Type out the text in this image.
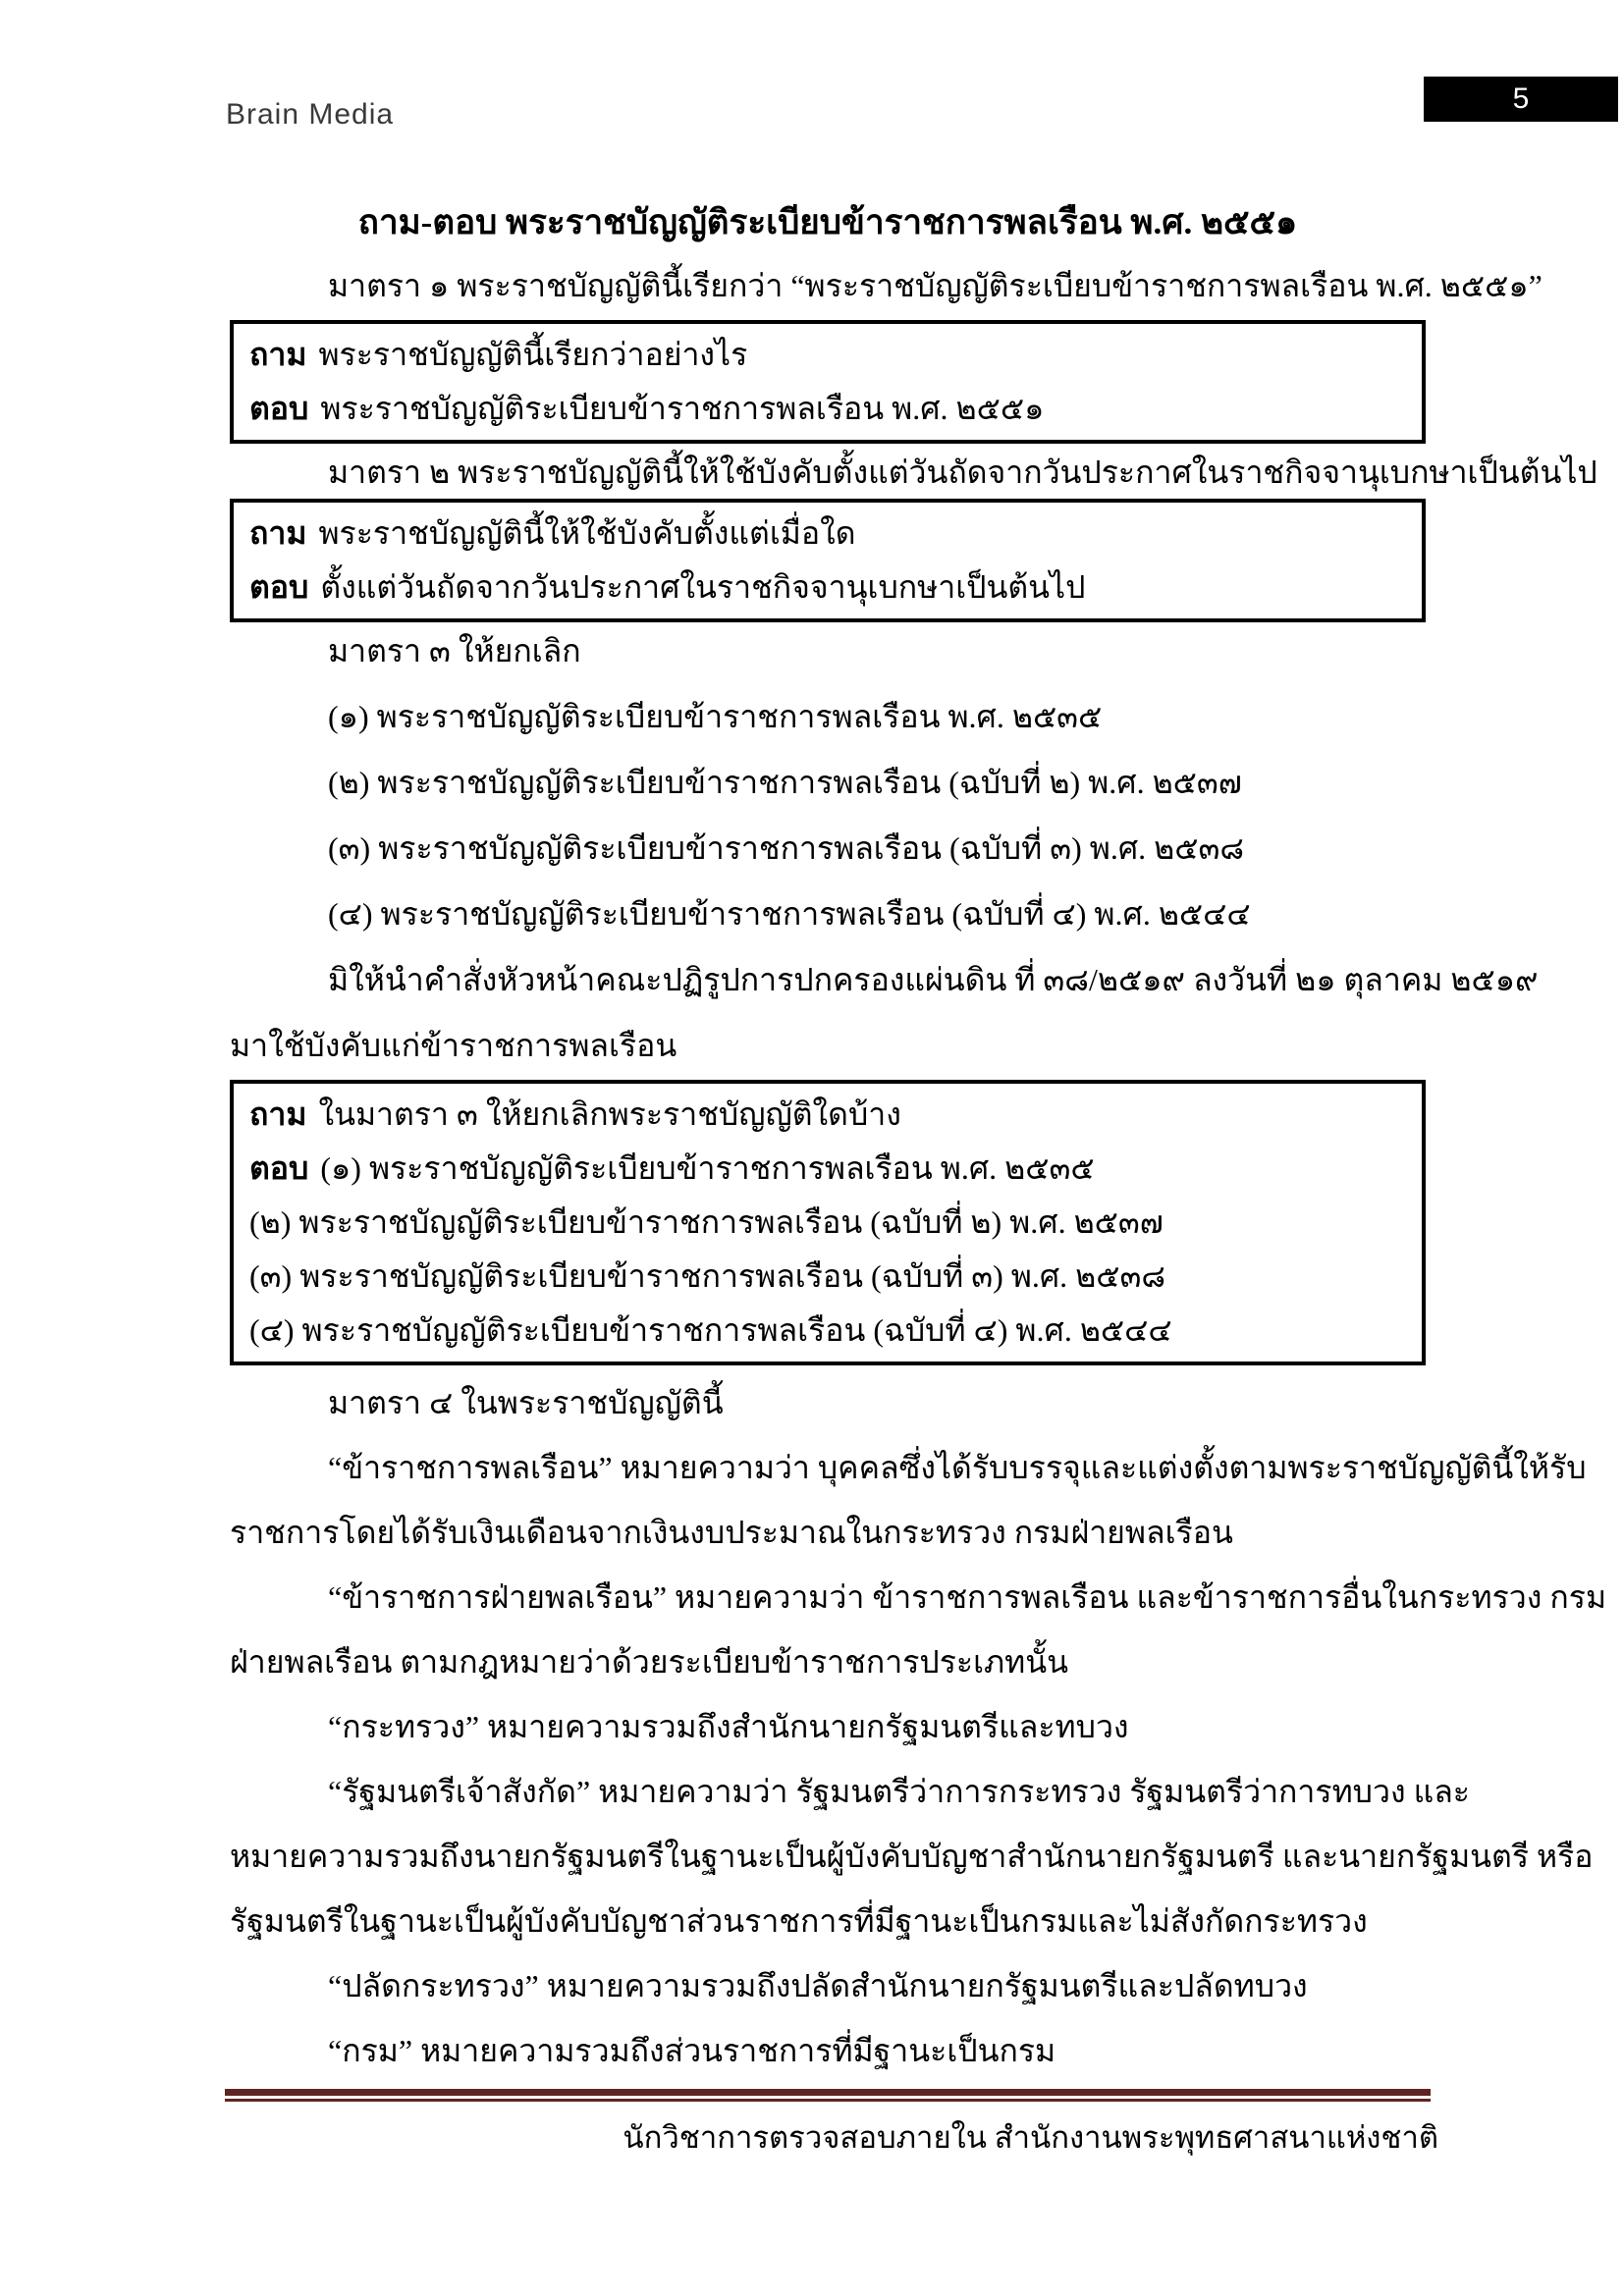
Brain Media	5
ถาม-ตอบ พระราชบัญญัติระเบียบข้าราชการพลเรือน พ.ศ. ๒๕๕๑
มาตรา ๑ พระราชบัญญัตินี้เรียกว่า “พระราชบัญญัติระเบียบข้าราชการพลเรือน พ.ศ. ๒๕๕๑”

ถาม พระราชบัญญัตินี้เรียกว่าอย่างไร

ตอบ พระราชบัญญัติระเบียบข้าราชการพลเรือน พ.ศ. ๒๕๕๑

มาตรา ๒ พระราชบัญญัตินี้ให้ใช้บังคับตั้งแต่วันถัดจากวันประกาศในราชกิจจานุเบกษาเป็นต้นไป

ถาม พระราชบัญญัตินี้ให้ใช้บังคับตั้งแต่เมื่อใด

ตอบ ตั้งแต่วันถัดจากวันประกาศในราชกิจจานุเบกษาเป็นต้นไป

มาตรา ๓ ให้ยกเลิก

(๑) พระราชบัญญัติระเบียบข้าราชการพลเรือน พ.ศ. ๒๕๓๕

(๒) พระราชบัญญัติระเบียบข้าราชการพลเรือน (ฉบับที่ ๒) พ.ศ. ๒๕๓๗

(๓) พระราชบัญญัติระเบียบข้าราชการพลเรือน (ฉบับที่ ๓) พ.ศ. ๒๕๓๘

(๔) พระราชบัญญัติระเบียบข้าราชการพลเรือน (ฉบับที่ ๔) พ.ศ. ๒๕๔๔

มิให้นำคำสั่งหัวหน้าคณะปฏิรูปการปกครองแผ่นดิน ที่ ๓๘/๒๕๑๙ ลงวันที่ ๒๑ ตุลาคม ๒๕๑๙

มาใช้บังคับแก่ข้าราชการพลเรือน

ถาม ในมาตรา ๓ ให้ยกเลิกพระราชบัญญัติใดบ้าง

ตอบ (๑) พระราชบัญญัติระเบียบข้าราชการพลเรือน พ.ศ. ๒๕๓๕

(๒) พระราชบัญญัติระเบียบข้าราชการพลเรือน (ฉบับที่ ๒) พ.ศ. ๒๕๓๗

(๓) พระราชบัญญัติระเบียบข้าราชการพลเรือน (ฉบับที่ ๓) พ.ศ. ๒๕๓๘

(๔) พระราชบัญญัติระเบียบข้าราชการพลเรือน (ฉบับที่ ๔) พ.ศ. ๒๕๔๔

มาตรา ๔ ในพระราชบัญญัตินี้

“ข้าราชการพลเรือน” หมายความว่า บุคคลซึ่งได้รับบรรจุและแต่งตั้งตามพระราชบัญญัตินี้ให้รับ

ราชการโดยได้รับเงินเดือนจากเงินงบประมาณในกระทรวง กรมฝ่ายพลเรือน

“ข้าราชการฝ่ายพลเรือน” หมายความว่า ข้าราชการพลเรือน และข้าราชการอื่นในกระทรวง กรม

ฝ่ายพลเรือน ตามกฎหมายว่าด้วยระเบียบข้าราชการประเภทนั้น

“กระทรวง” หมายความรวมถึงสำนักนายกรัฐมนตรีและทบวง

“รัฐมนตรีเจ้าสังกัด” หมายความว่า รัฐมนตรีว่าการกระทรวง รัฐมนตรีว่าการทบวง และ

หมายความรวมถึงนายกรัฐมนตรีในฐานะเป็นผู้บังคับบัญชาสำนักนายกรัฐมนตรี และนายกรัฐมนตรี หรือ

รัฐมนตรีในฐานะเป็นผู้บังคับบัญชาส่วนราชการที่มีฐานะเป็นกรมและไม่สังกัดกระทรวง

“ปลัดกระทรวง” หมายความรวมถึงปลัดสำนักนายกรัฐมนตรีและปลัดทบวง

“กรม” หมายความรวมถึงส่วนราชการที่มีฐานะเป็นกรม

นักวิชาการตรวจสอบภายใน สำนักงานพระพุทธศาสนาแห่งชาติ
